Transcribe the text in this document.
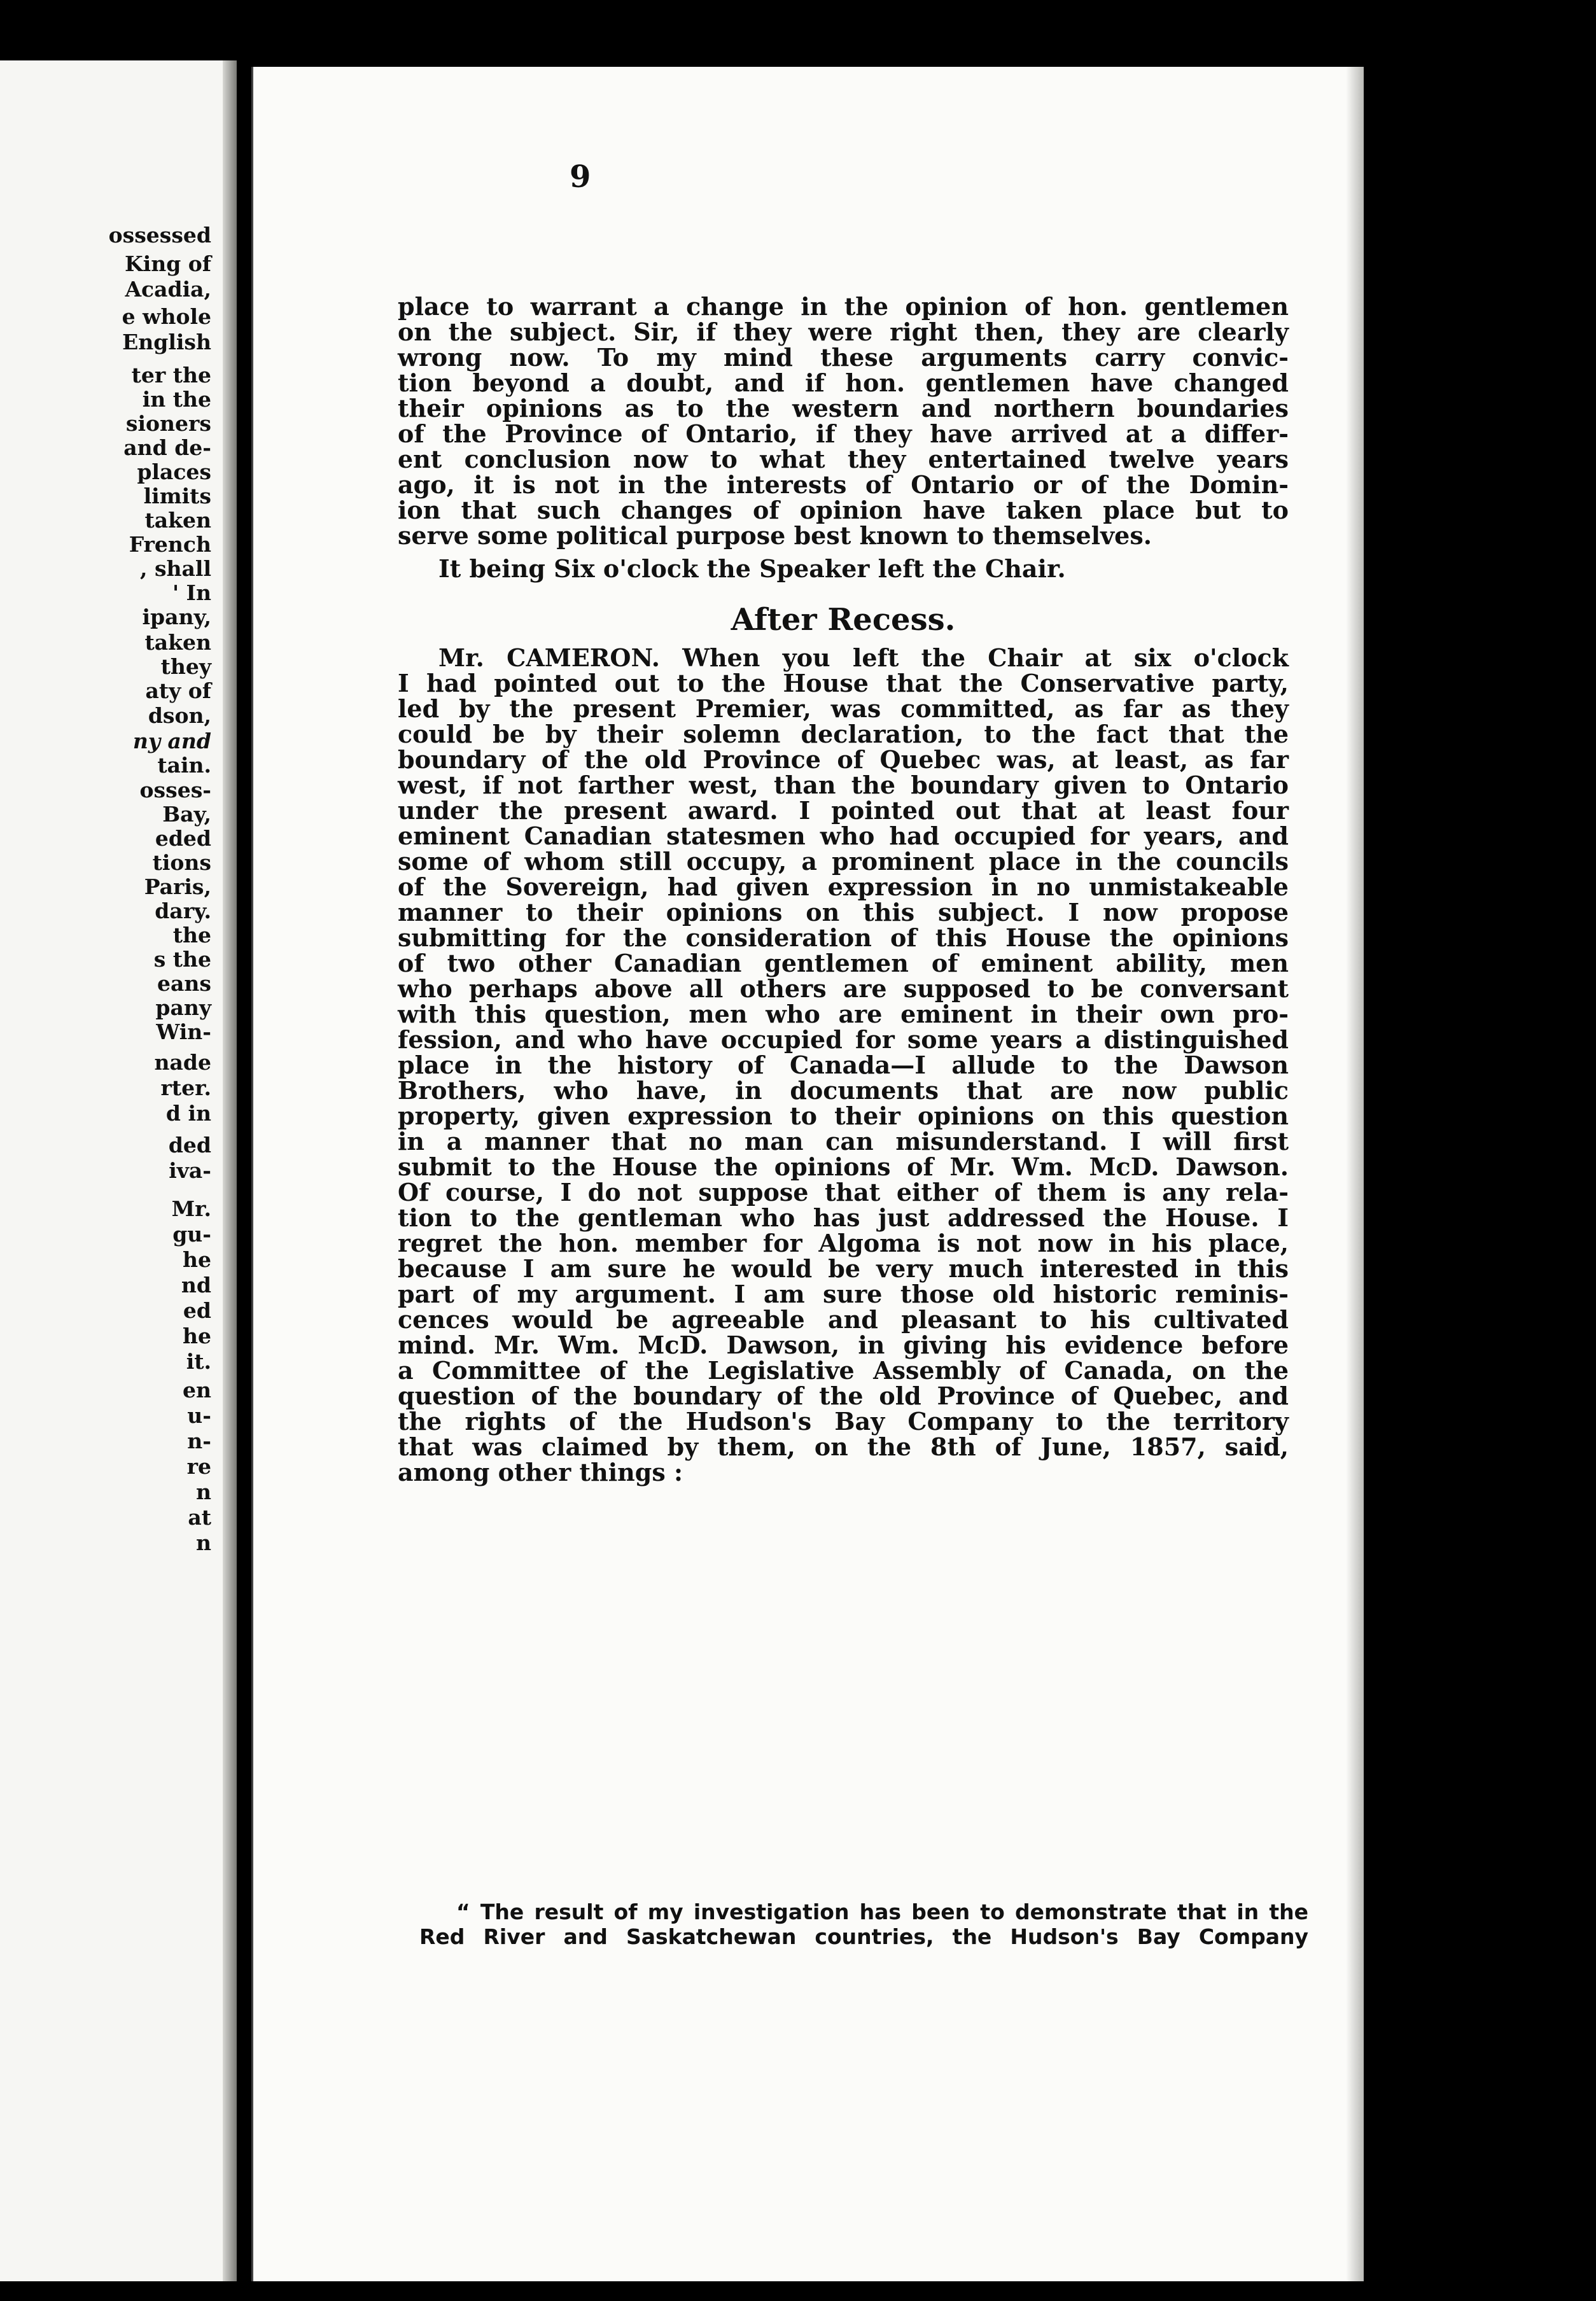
ossessed
King of
Acadia,
e whole
English
ter the
in the
sioners
and de-
places
limits
taken
French
, shall
' In
ipany,
taken
they
aty of
dson,
ny and
tain.
osses-
Bay,
eded
tions
Paris,
dary.
the
s the
eans
pany
Win-
nade
rter.
d in
ded
iva-
Mr.
gu-
he
nd
ed
he
it.
en
u-
n-
re
n
at
n
9
place to warrant a change in the opinion of hon. gentlemen
on the subject. Sir, if they were right then, they are clearly
wrong now. To my mind these arguments carry convic-
tion beyond a doubt, and if hon. gentlemen have changed
their opinions as to the western and northern boundaries
of the Province of Ontario, if they have arrived at a differ-
ent conclusion now to what they entertained twelve years
ago, it is not in the interests of Ontario or of the Domin-
ion that such changes of opinion have taken place but to
serve some political purpose best known to themselves.
It being Six o'clock the Speaker left the Chair.
After Recess.
Mr. CAMERON. When you left the Chair at six o'clock
I had pointed out to the House that the Conservative party,
led by the present Premier, was committed, as far as they
could be by their solemn declaration, to the fact that the
boundary of the old Province of Quebec was, at least, as far
west, if not farther west, than the boundary given to Ontario
under the present award. I pointed out that at least four
eminent Canadian statesmen who had occupied for years, and
some of whom still occupy, a prominent place in the councils
of the Sovereign, had given expression in no unmistakeable
manner to their opinions on this subject. I now propose
submitting for the consideration of this House the opinions
of two other Canadian gentlemen of eminent ability, men
who perhaps above all others are supposed to be conversant
with this question, men who are eminent in their own pro-
fession, and who have occupied for some years a distinguished
place in the history of Canada—I allude to the Dawson
Brothers, who have, in documents that are now public
property, given expression to their opinions on this question
in a manner that no man can misunderstand. I will first
submit to the House the opinions of Mr. Wm. McD. Dawson.
Of course, I do not suppose that either of them is any rela-
tion to the gentleman who has just addressed the House. I
regret the hon. member for Algoma is not now in his place,
because I am sure he would be very much interested in this
part of my argument. I am sure those old historic reminis-
cences would be agreeable and pleasant to his cultivated
mind. Mr. Wm. McD. Dawson, in giving his evidence before
a Committee of the Legislative Assembly of Canada, on the
question of the boundary of the old Province of Quebec, and
the rights of the Hudson's Bay Company to the territory
that was claimed by them, on the 8th of June, 1857, said,
among other things :
“ The result of my investigation has been to demonstrate that in the
Red River and Saskatchewan countries, the Hudson's Bay Company
